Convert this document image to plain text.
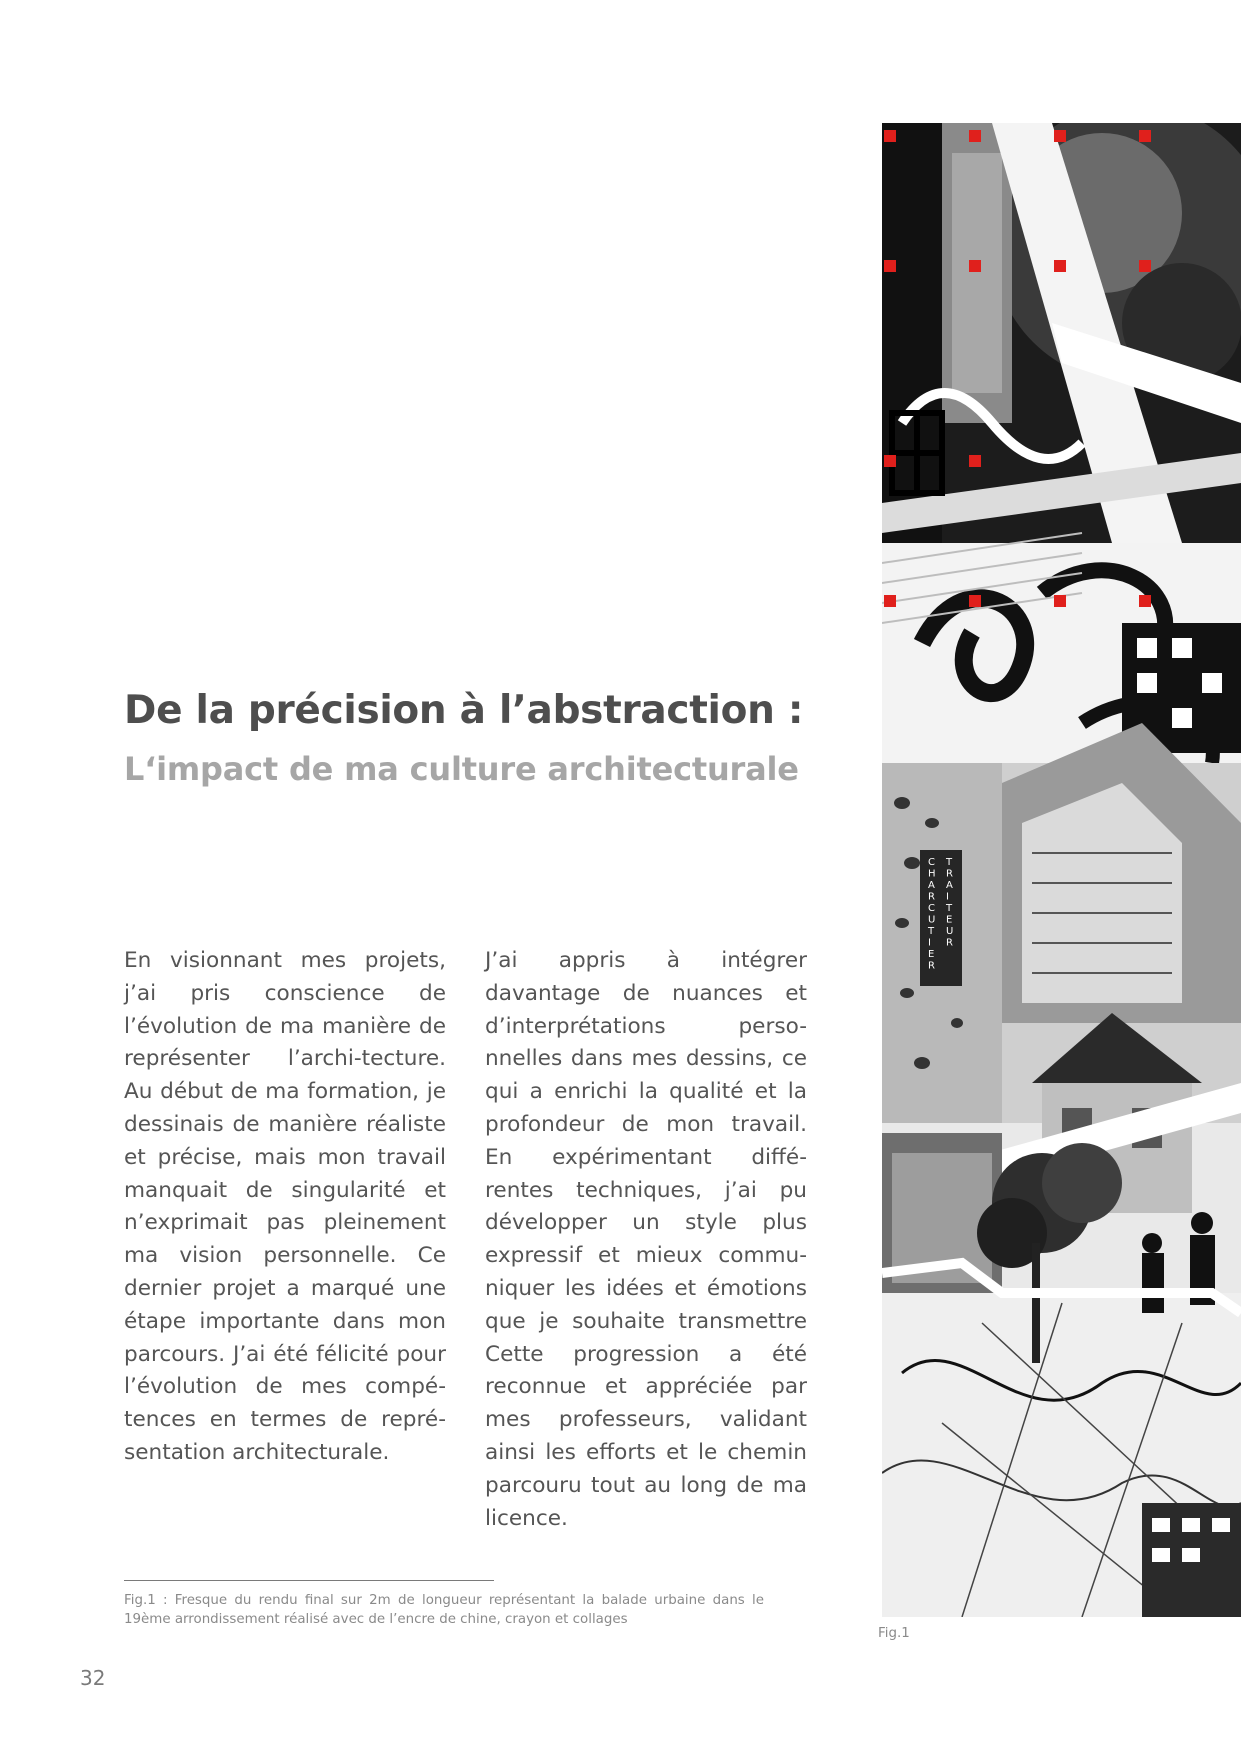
De la précision à l’abstraction :
L‘impact de ma culture architecturale

En visionnant mes projets, j’ai pris conscience de l’évolution de ma manière de représenter l’archi-tecture. Au début de ma formation, je dessinais de manière réaliste et précise, mais mon travail manquait de singularité et n’exprimait pas pleinement ma vision personnelle. Ce dernier projet a marqué une étape importante dans mon parcours. J’ai été félicité pour l’évolution de mes compé-tences en termes de repré-sentation architecturale.

J’ai appris à intégrer davantage de nuances et d’interprétations perso-nnelles dans mes dessins, ce qui a enrichi la qualité et la profondeur de mon travail. En expérimentant diffé-rentes techniques, j’ai pu développer un style plus expressif et mieux commu-niquer les idées et émotions que je souhaite transmettre Cette progression a été reconnue et appréciée par mes professeurs, validant ainsi les efforts et le chemin parcouru tout au long de ma licence.

Fig.1 : Fresque du rendu final sur 2m de longueur représentant la balade urbaine dans le 19ème arrondissement réalisé avec de l’encre de chine, crayon et collages

C H A R C U T I E RT R A I T E U R
Fig.1
32
